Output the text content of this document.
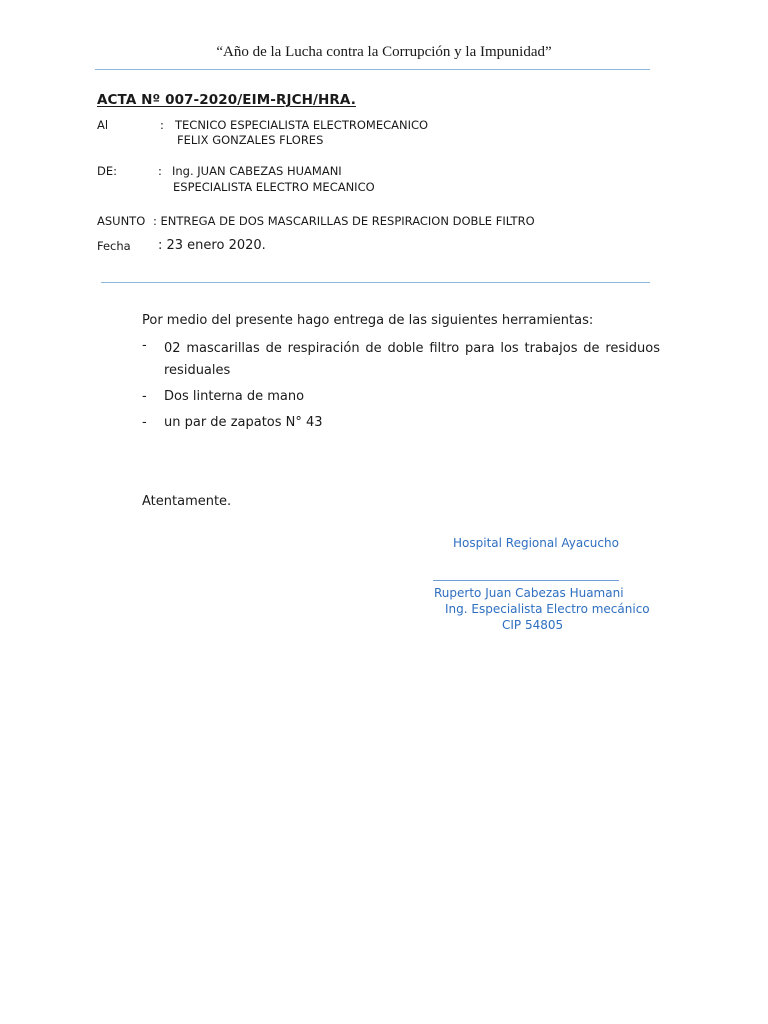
“Año de la Lucha contra la Corrupción y la Impunidad”
ACTA Nº 007-2020/EIM-RJCH/HRA.
Al	: TECNICO ESPECIALISTA ELECTROMECANICO
FELIX GONZALES FLORES
DE:	: Ing. JUAN CABEZAS HUAMANI
ESPECIALISTA ELECTRO MECANICO
ASUNTO : ENTREGA DE DOS MASCARILLAS DE RESPIRACION DOBLE FILTRO
Fecha : 23 enero 2020.
Por medio del presente hago entrega de las siguientes herramientas:
- 02 mascarillas de respiración de doble filtro para los trabajos de residuos residuales
- Dos linterna de mano
- un par de zapatos N° 43
Atentamente.
Hospital Regional Ayacucho
Ruperto Juan Cabezas Huamani
Ing. Especialista Electro mecánico
CIP 54805
